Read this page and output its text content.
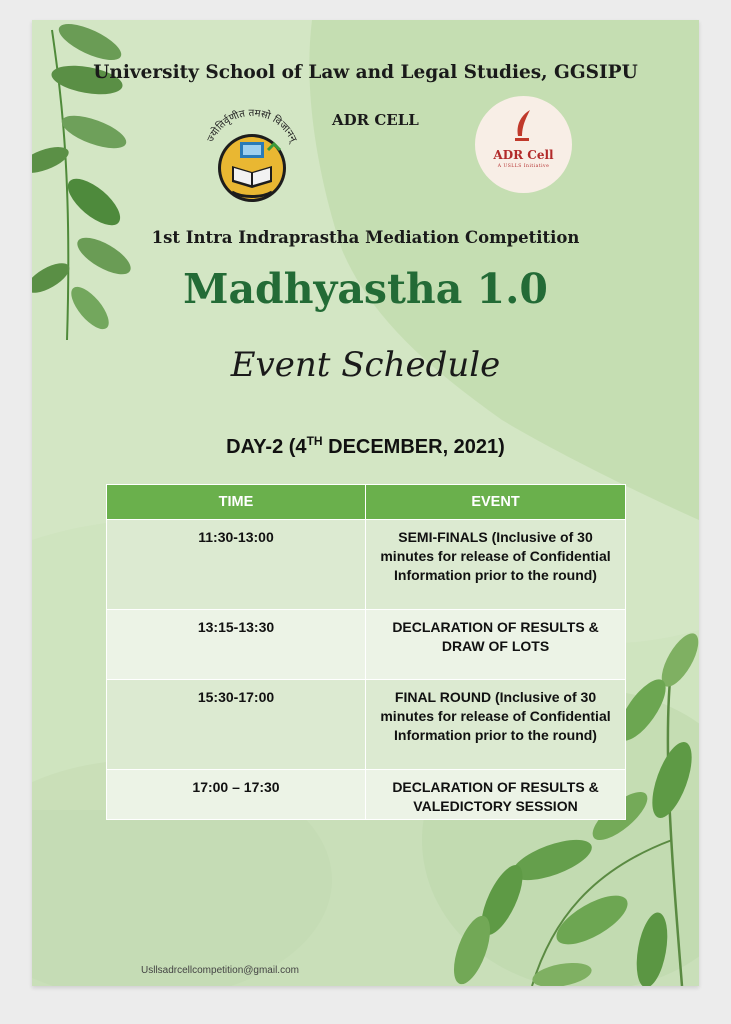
University School of Law and Legal Studies, GGSIPU
ज्योतिर्वृणीत तमसो विजानन्
ADR CELL
ADR Cell
A USLLS Initiative
1st Intra Indraprastha Mediation Competition
Madhyastha 1.0
Event Schedule
DAY-2 (4TH DECEMBER, 2021)
TIME	EVENT
11:30-13:00	SEMI-FINALS (Inclusive of 30 minutes for release of Confidential Information prior to the round)
13:15-13:30	DECLARATION OF RESULTS & DRAW OF LOTS
15:30-17:00	FINAL ROUND (Inclusive of 30 minutes for release of Confidential Information prior to the round)
17:00 – 17:30	DECLARATION OF RESULTS & VALEDICTORY SESSION
Usllsadrcellcompetition@gmail.com
